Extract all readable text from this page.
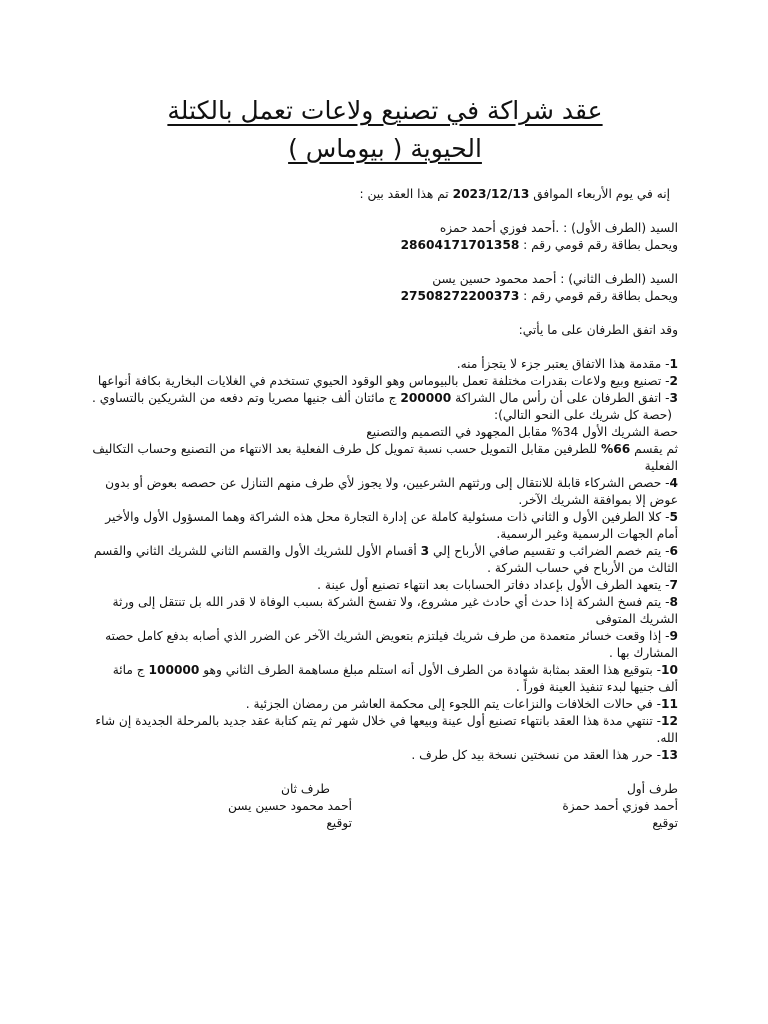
عقد شراكة في تصنيع ولاعات تعمل بالكتلة
الحيوية ( بيوماس )
إنه في يوم الأربعاء الموافق 2023/12/13 تم هذا العقد بين :
السيد (الطرف الأول) : .أحمد فوزي أحمد حمزه
ويحمل بطاقة رقم قومي رقم : 28604171701358
السيد (الطرف الثاني) : أحمد محمود حسين يسن
ويحمل بطاقة رقم قومي رقم : 27508272200373
وقد اتفق الطرفان على ما يأتي:
1- مقدمة هذا الاتفاق يعتبر جزء لا يتجزأ منه.
2- تصنيع وبيع ولاعات بقدرات مختلفة تعمل بالبيوماس وهو الوقود الحيوي تستخدم في الغلايات البخارية بكافة أنواعها
3- اتفق الطرفان على أن رأس مال الشراكة 200000 ج مائتان ألف جنيها مصريا وتم دفعه من الشريكين بالتساوي .
(حصة كل شريك على النحو التالي):
حصة الشريك الأول 34% مقابل المجهود في التصميم والتصنيع
ثم يقسم 66% للطرفين مقابل التمويل حسب نسبة تمويل كل طرف الفعلية بعد الانتهاء من التصنيع وحساب التكاليف الفعلية
4- حصص الشركاء قابلة للانتقال إلى ورثتهم الشرعيين، ولا يجوز لأي طرف منهم التنازل عن حصصه بعوض أو بدون عوض إلا بموافقة الشريك الآخر.
5- كلا الطرفين الأول و الثاني ذات مسئولية كاملة عن إدارة التجارة محل هذه الشراكة وهما المسؤول الأول والأخير أمام الجهات الرسمية وغير الرسمية.
6- يتم خصم الضرائب و تقسيم صافي الأرباح إلي 3 أقسام الأول للشريك الأول والقسم الثاني للشريك الثاني والقسم الثالث من الأرباح في حساب الشركة .
7- يتعهد الطرف الأول بإعداد دفاتر الحسابات بعد انتهاء تصنيع أول عينة .
8- يتم فسخ الشركة إذا حدث أي حادث غير مشروع، ولا تفسخ الشركة بسبب الوفاة لا قدر الله بل تنتقل إلى ورثة الشريك المتوفى
9- إذا وقعت خسائر متعمدة من طرف شريك فيلتزم بتعويض الشريك الآخر عن الضرر الذي أصابه بدفع كامل حصته المشارك بها .
10- بتوقيع هذا العقد بمثابة شهادة من الطرف الأول أنه استلم مبلغ مساهمة الطرف الثاني وهو 100000 ج مائة ألف جنيها لبدء تنفيذ العينة فوراً .
11- في حالات الخلافات والنزاعات يتم اللجوء إلى محكمة العاشر من رمضان الجزئية .
12- تنتهي مدة هذا العقد بانتهاء تصنيع أول عينة وبيعها في خلال شهر ثم يتم كتابة عقد جديد بالمرحلة الجديدة إن شاء الله.
13- حرر هذا العقد من نسختين نسخة بيد كل طرف .
طرف أول
أحمد فوزي أحمد حمزة
توقيع
طرف ثان
أحمد محمود حسين يسن
توقيع
